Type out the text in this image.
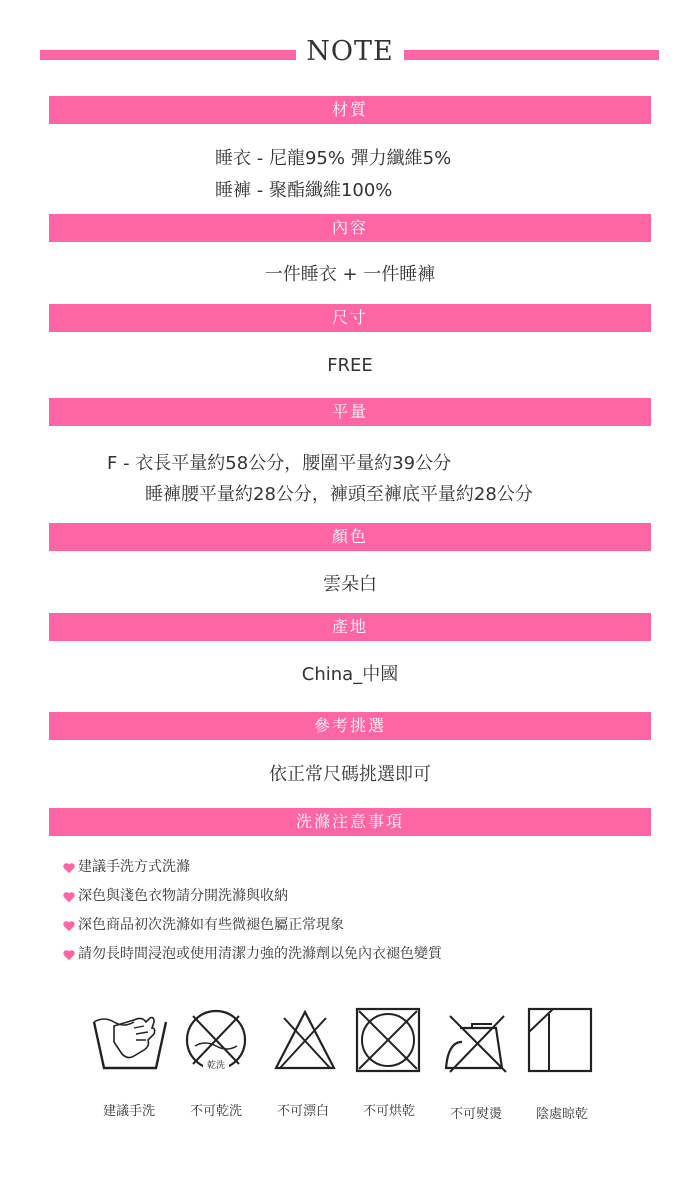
NOTE
材質
睡衣 - 尼龍95% 彈力纖維5%
睡褲 - 聚酯纖維100%
內容
一件睡衣 + 一件睡褲
尺寸
FREE
平量
F - 衣長平量約58公分，腰圍平量約39公分
睡褲腰平量約28公分，褲頭至褲底平量約28公分
顏色
雲朵白
產地
China_中國
參考挑選
依正常尺碼挑選即可
洗滌注意事項
建議手洗方式洗滌
深色與淺色衣物請分開洗滌與收納
深色商品初次洗滌如有些微褪色屬正常現象
請勿長時間浸泡或使用清潔力強的洗滌劑以免內衣褪色變質
乾洗
建議手洗	不可乾洗	不可漂白	不可烘乾	不可熨燙	陰處晾乾
